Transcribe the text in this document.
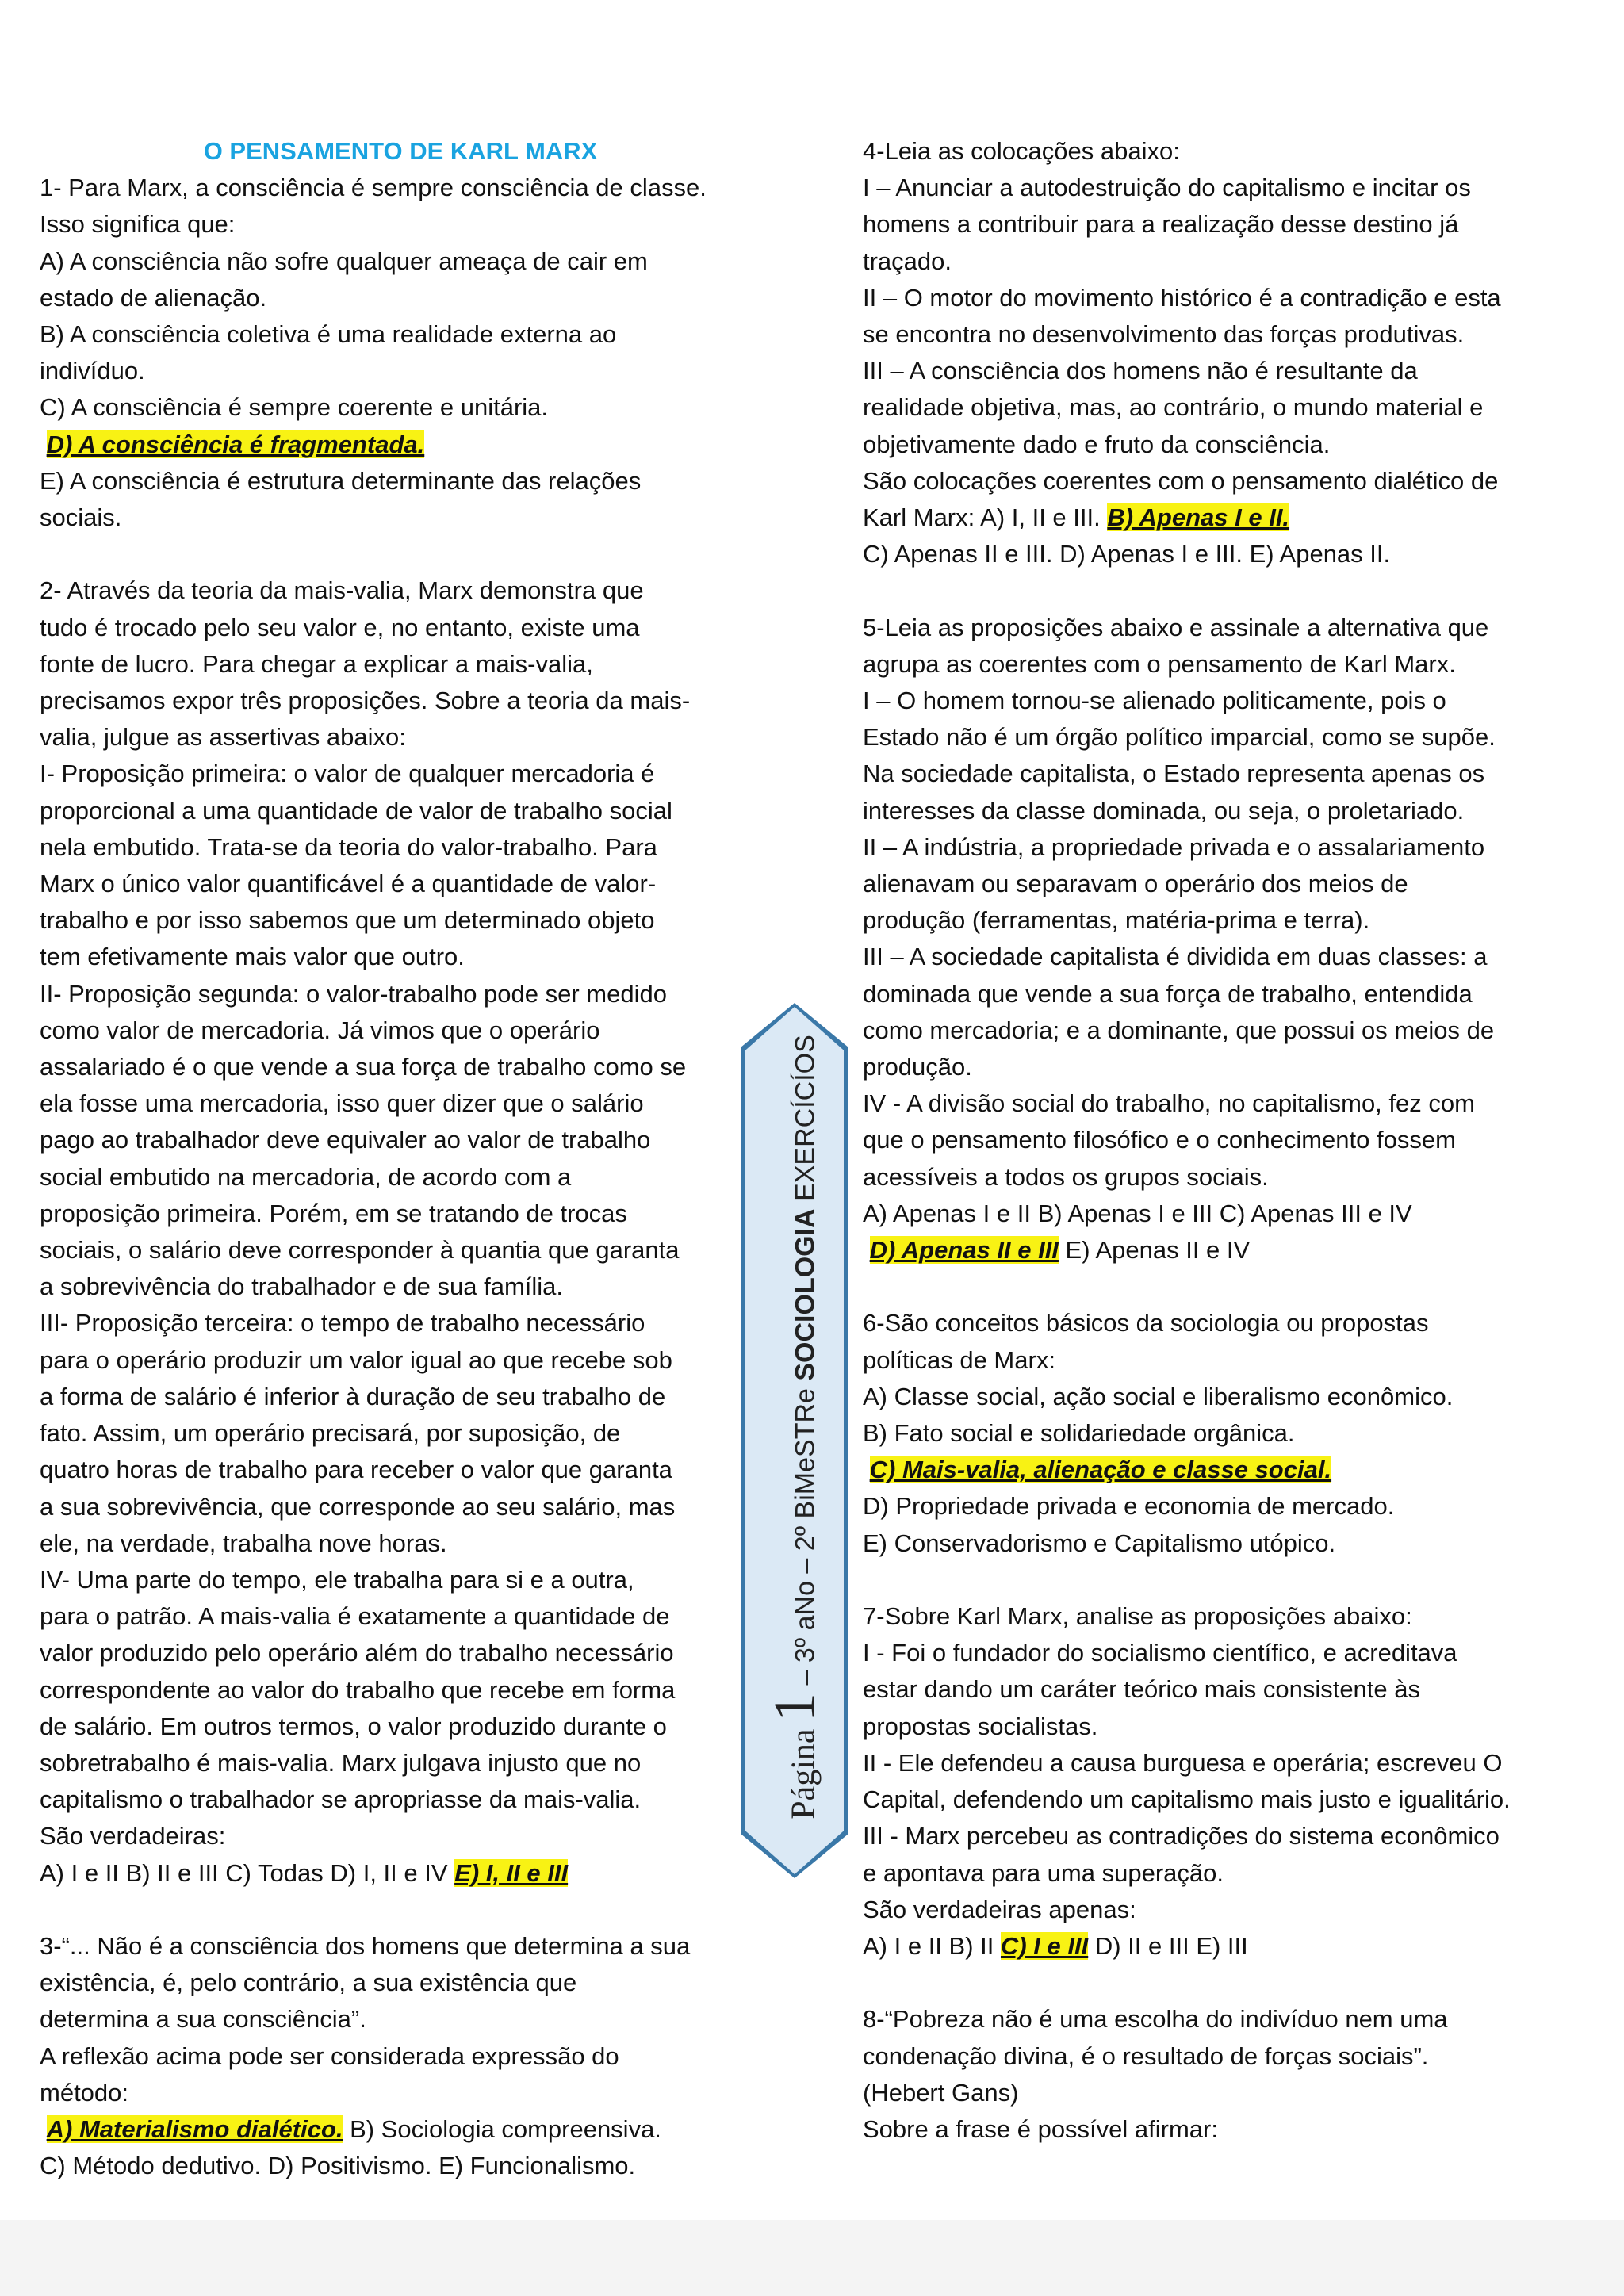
O PENSAMENTO DE KARL MARX

1- Para Marx, a consciência é sempre consciência de classe.

Isso significa que:

A) A consciência não sofre qualquer ameaça de cair em

estado de alienação.

B) A consciência coletiva é uma realidade externa ao

indivíduo.

C) A consciência é sempre coerente e unitária.

D) A consciência é fragmentada.

E) A consciência é estrutura determinante das relações

sociais.

2- Através da teoria da mais-valia, Marx demonstra que

tudo é trocado pelo seu valor e, no entanto, existe uma

fonte de lucro. Para chegar a explicar a mais-valia,

precisamos expor três proposições. Sobre a teoria da mais-

valia, julgue as assertivas abaixo:

I- Proposição primeira: o valor de qualquer mercadoria é

proporcional a uma quantidade de valor de trabalho social

nela embutido. Trata-se da teoria do valor-trabalho. Para

Marx o único valor quantificável é a quantidade de valor-

trabalho e por isso sabemos que um determinado objeto

tem efetivamente mais valor que outro.

II- Proposição segunda: o valor-trabalho pode ser medido

como valor de mercadoria. Já vimos que o operário

assalariado é o que vende a sua força de trabalho como se

ela fosse uma mercadoria, isso quer dizer que o salário

pago ao trabalhador deve equivaler ao valor de trabalho

social embutido na mercadoria, de acordo com a

proposição primeira. Porém, em se tratando de trocas

sociais, o salário deve corresponder à quantia que garanta

a sobrevivência do trabalhador e de sua família.

III- Proposição terceira: o tempo de trabalho necessário

para o operário produzir um valor igual ao que recebe sob

a forma de salário é inferior à duração de seu trabalho de

fato. Assim, um operário precisará, por suposição, de

quatro horas de trabalho para receber o valor que garanta

a sua sobrevivência, que corresponde ao seu salário, mas

ele, na verdade, trabalha nove horas.

IV- Uma parte do tempo, ele trabalha para si e a outra,

para o patrão. A mais-valia é exatamente a quantidade de

valor produzido pelo operário além do trabalho necessário

correspondente ao valor do trabalho que recebe em forma

de salário. Em outros termos, o valor produzido durante o

sobretrabalho é mais-valia. Marx julgava injusto que no

capitalismo o trabalhador se apropriasse da mais-valia.

São verdadeiras:

A) I e II B) II e III C) Todas D) I, II e IV E) I, II e III

3-“... Não é a consciência dos homens que determina a sua

existência, é, pelo contrário, a sua existência que

determina a sua consciência”.

A reflexão acima pode ser considerada expressão do

método:

A) Materialismo dialético. B) Sociologia compreensiva.

C) Método dedutivo. D) Positivismo. E) Funcionalismo.

Página 1 – 3º aNo – 2º BiMeSTRe SOCIOLOGIA EXERCÍCÍOS

4-Leia as colocações abaixo:

I – Anunciar a autodestruição do capitalismo e incitar os

homens a contribuir para a realização desse destino já

traçado.

II – O motor do movimento histórico é a contradição e esta

se encontra no desenvolvimento das forças produtivas.

III – A consciência dos homens não é resultante da

realidade objetiva, mas, ao contrário, o mundo material e

objetivamente dado e fruto da consciência.

São colocações coerentes com o pensamento dialético de

Karl Marx: A) I, II e III. B) Apenas I e II.

C) Apenas II e III. D) Apenas I e III. E) Apenas II.

5-Leia as proposições abaixo e assinale a alternativa que

agrupa as coerentes com o pensamento de Karl Marx.

I – O homem tornou-se alienado politicamente, pois o

Estado não é um órgão político imparcial, como se supõe.

Na sociedade capitalista, o Estado representa apenas os

interesses da classe dominada, ou seja, o proletariado.

II – A indústria, a propriedade privada e o assalariamento

alienavam ou separavam o operário dos meios de

produção (ferramentas, matéria-prima e terra).

III – A sociedade capitalista é dividida em duas classes: a

dominada que vende a sua força de trabalho, entendida

como mercadoria; e a dominante, que possui os meios de

produção.

IV - A divisão social do trabalho, no capitalismo, fez com

que o pensamento filosófico e o conhecimento fossem

acessíveis a todos os grupos sociais.

A) Apenas I e II B) Apenas I e III C) Apenas III e IV

D) Apenas II e III E) Apenas II e IV

6-São conceitos básicos da sociologia ou propostas

políticas de Marx:

A) Classe social, ação social e liberalismo econômico.

B) Fato social e solidariedade orgânica.

C) Mais-valia, alienação e classe social.

D) Propriedade privada e economia de mercado.

E) Conservadorismo e Capitalismo utópico.

7-Sobre Karl Marx, analise as proposições abaixo:

I - Foi o fundador do socialismo científico, e acreditava

estar dando um caráter teórico mais consistente às

propostas socialistas.

II - Ele defendeu a causa burguesa e operária; escreveu O

Capital, defendendo um capitalismo mais justo e igualitário.

III - Marx percebeu as contradições do sistema econômico

e apontava para uma superação.

São verdadeiras apenas:

A) I e II B) II C) I e III D) II e III E) III

8-“Pobreza não é uma escolha do indivíduo nem uma

condenação divina, é o resultado de forças sociais”.

(Hebert Gans)

Sobre a frase é possível afirmar:
